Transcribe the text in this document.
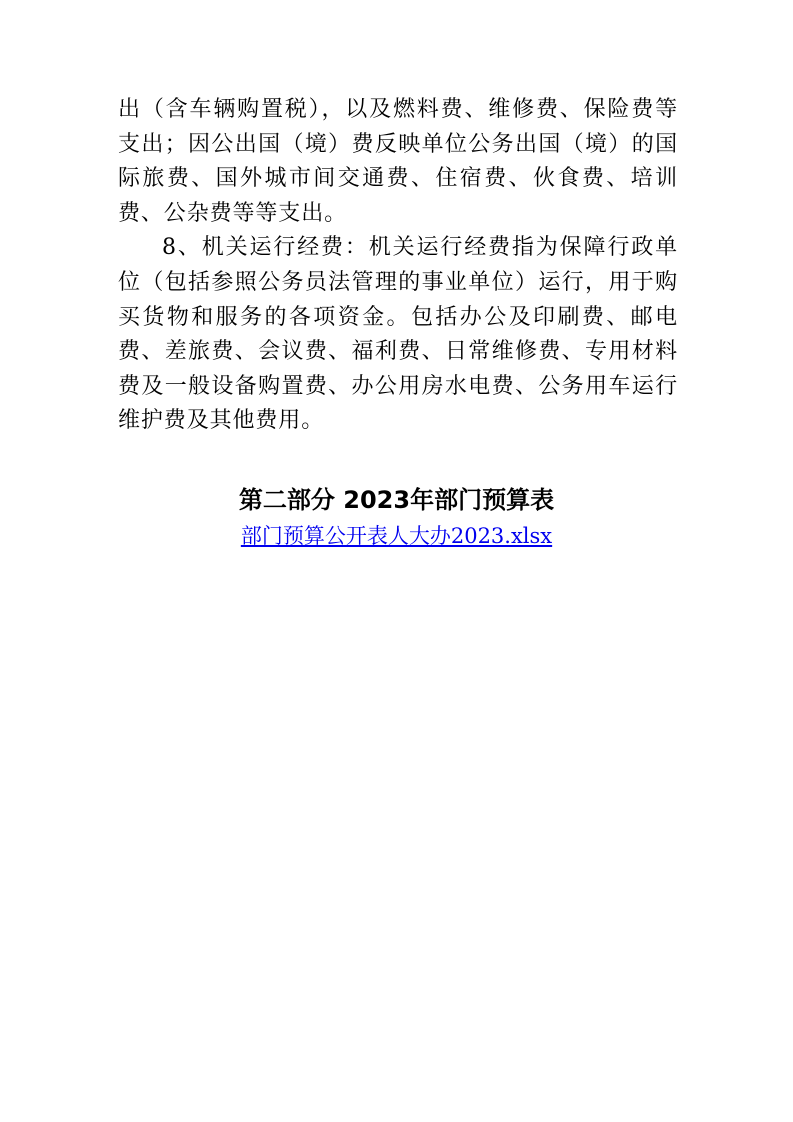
出（含车辆购置税），以及燃料费、维修费、保险费等支出；因公出国（境）费反映单位公务出国（境）的国际旅费、国外城市间交通费、住宿费、伙食费、培训费、公杂费等等支出。

8、机关运行经费：机关运行经费指为保障行政单位（包括参照公务员法管理的事业单位）运行，用于购买货物和服务的各项资金。包括办公及印刷费、邮电费、差旅费、会议费、福利费、日常维修费、专用材料费及一般设备购置费、办公用房水电费、公务用车运行维护费及其他费用。

第二部分 2023年部门预算表
部门预算公开表人大办2023.xlsx
